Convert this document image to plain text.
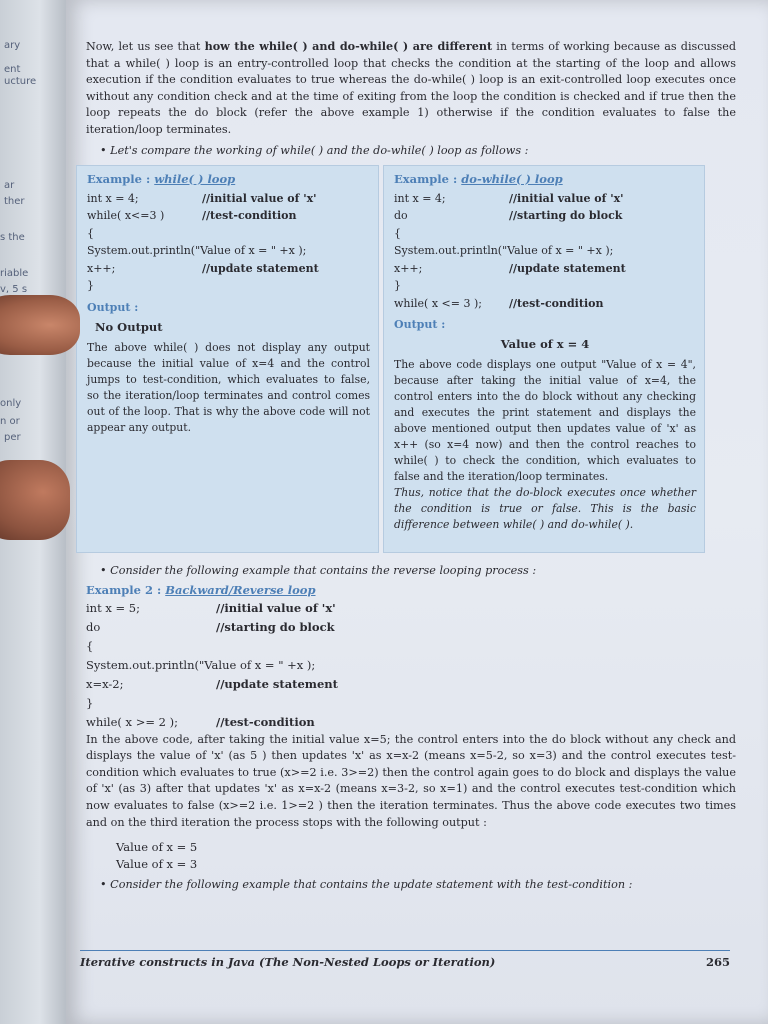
ary
ent
ucture
ar
ther
s the
riable
v, 5 s
only
n or
per

Now, let us see that how the while( ) and do-while( ) are different in terms of working because as discussed that a while( ) loop is an entry-controlled loop that checks the condition at the starting of the loop and allows execution if the condition evaluates to true whereas the do-while( ) loop is an exit-controlled loop executes once without any condition check and at the time of exiting from the loop the condition is checked and if true then the loop repeats the do block (refer the above example 1) otherwise if the condition evaluates to false the iteration/loop terminates.

• Let's compare the working of while( ) and the do-while( ) loop as follows :

Example : while( ) loop
int x = 4;	//initial value of 'x'
while( x<=3 )	//test-condition
{
System.out.println("Value of x = " +x );
x++;	//update statement
}
Output :
No Output

The above while( ) does not display any output because the initial value of x=4 and the control jumps to test-condition, which evaluates to false, so the iteration/loop terminates and control comes out of the loop. That is why the above code will not appear any output.

Example : do-while( ) loop
int x = 4;	//initial value of 'x'
do	//starting do block
{
System.out.println("Value of x = " +x );
x++;	//update statement
}
while( x <= 3 ); //test-condition
Output :
Value of x = 4

The above code displays one output "Value of x = 4", because after taking the initial value of x=4, the control enters into the do block without any checking and executes the print statement and displays the above mentioned output then updates value of 'x' as x++ (so x=4 now) and then the control reaches to while( ) to check the condition, which evaluates to false and the iteration/loop terminates.

Thus, notice that the do-block executes once whether the condition is true or false. This is the basic difference between while( ) and do-while( ).

• Consider the following example that contains the reverse looping process :

Example 2 : Backward/Reverse loop
int x = 5;	//initial value of 'x'
do	//starting do block
{
System.out.println("Value of x = " +x );
x=x-2;	//update statement
}
while( x >= 2 );	//test-condition

In the above code, after taking the initial value x=5; the control enters into the do block without any check and displays the value of 'x' (as 5 ) then updates 'x' as x=x-2 (means x=5-2, so x=3) and the control executes test-condition which evaluates to true (x>=2 i.e. 3>=2) then the control again goes to do block and displays the value of 'x' (as 3) after that updates 'x' as x=x-2 (means x=3-2, so x=1) and the control executes test-condition which now evaluates to false (x>=2 i.e. 1>=2 ) then the iteration terminates. Thus the above code executes two times and on the third iteration the process stops with the following output :

Value of x = 5
Value of x = 3

• Consider the following example that contains the update statement with the test-condition :

Iterative constructs in Java (The Non-Nested Loops or Iteration)	265
